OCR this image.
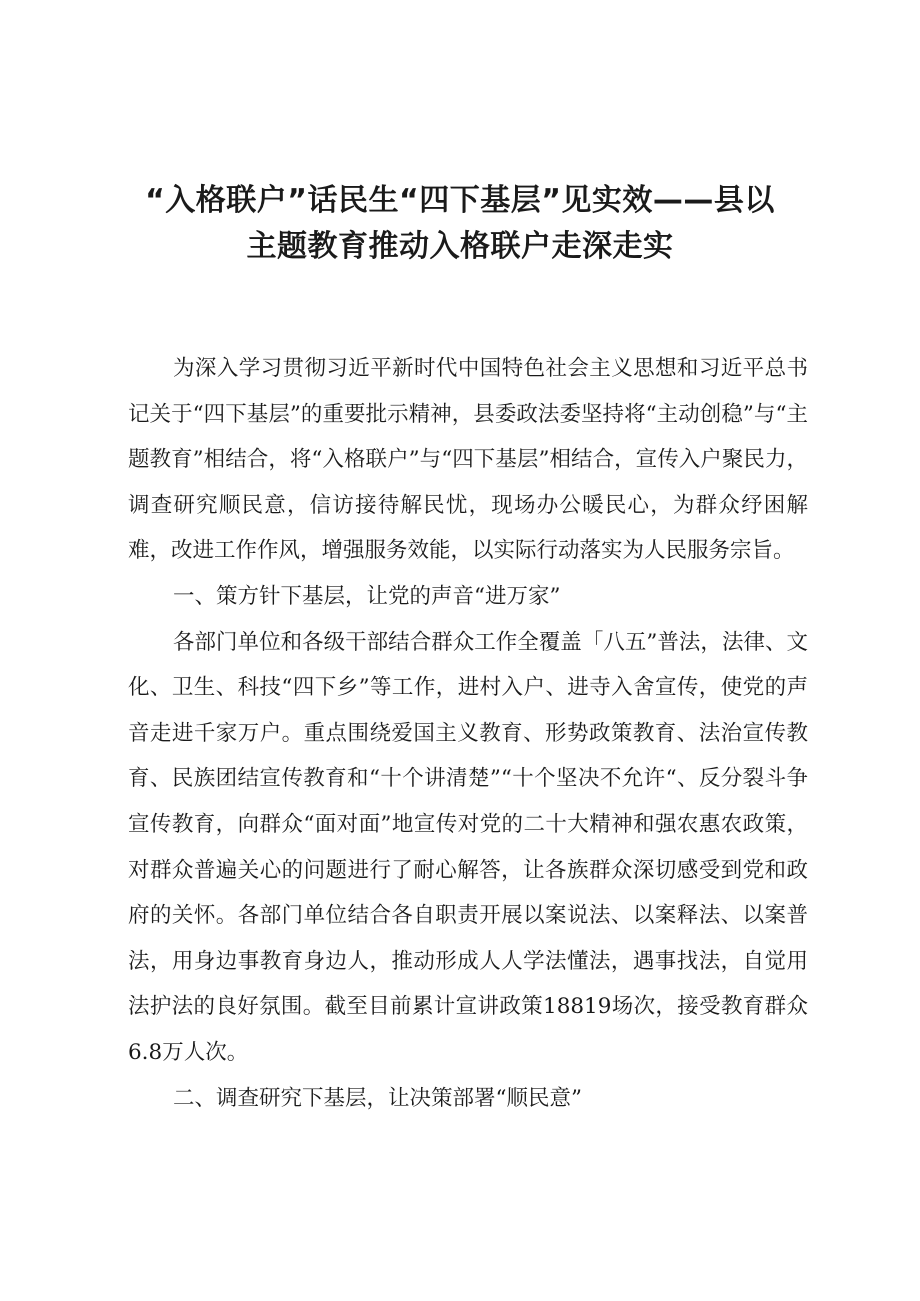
“入格联户”话民生“四下基层”见实效——县以
主题教育推动入格联户走深走实

为深入学习贯彻习近平新时代中国特色社会主义思想和习近平总书记关于“四下基层”的重要批示精神，县委政法委坚持将“主动创稳”与“主题教育”相结合，将“入格联户”与“四下基层”相结合，宣传入户聚民力，调查研究顺民意，信访接待解民忧，现场办公暖民心，为群众纾困解难，改进工作作风，增强服务效能，以实际行动落实为人民服务宗旨。

一、策方针下基层，让党的声音“进万家”

各部门单位和各级干部结合群众工作全覆盖「八五”普法，法律、文化、卫生、科技“四下乡”等工作，进村入户、进寺入舍宣传，使党的声音走进千家万户。重点围绕爱国主义教育、形势政策教育、法治宣传教育、民族团结宣传教育和“十个讲清楚”“十个坚决不允许“、反分裂斗争宣传教育，向群众“面对面”地宣传对党的二十大精神和强农惠农政策，对群众普遍关心的问题进行了耐心解答，让各族群众深切感受到党和政府的关怀。各部门单位结合各自职责开展以案说法、以案释法、以案普法，用身边事教育身边人，推动形成人人学法懂法，遇事找法，自觉用法护法的良好氛围。截至目前累计宣讲政策18819场次，接受教育群众6.8万人次。

二、调查研究下基层，让决策部署“顺民意”
